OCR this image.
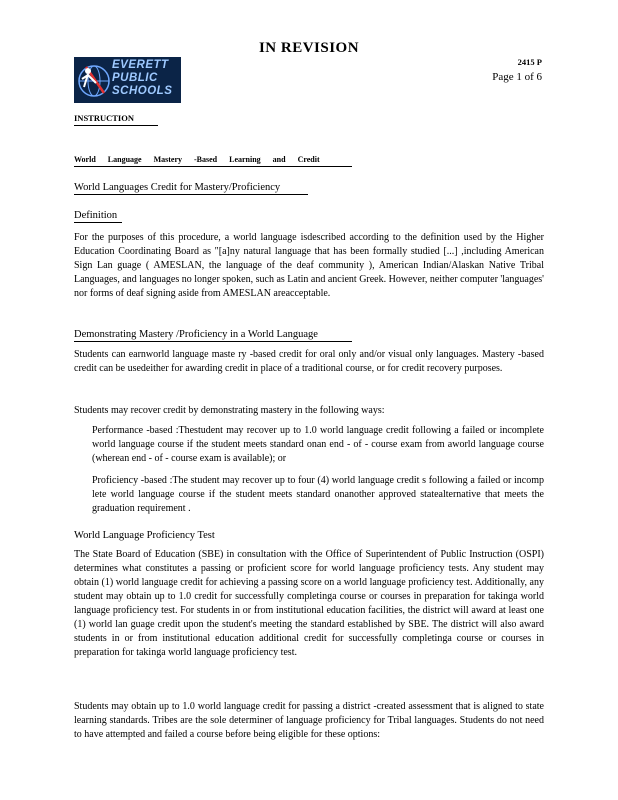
IN REVISION
EVERETT
PUBLIC
SCHOOLS
2415 P
Page 1 of 6
INSTRUCTION
World Language Mastery -Based Learning and Credit
World Languages Credit for Mastery/Proficiency
Definition
For the purposes of this procedure, a world language isdescribed according to the definition used by the Higher Education Coordinating Board as "[a]ny natural language that has been formally studied [...] ,including American Sign Lan guage ( AMESLAN, the language of the deaf community ), American Indian/Alaskan Native Tribal Languages, and languages no longer spoken, such as Latin and ancient Greek. However, neither computer 'languages' nor forms of deaf signing aside from AMESLAN areacceptable.
Demonstrating Mastery /Proficiency in a World Language
Students can earnworld language maste ry -based credit for oral only and/or visual only languages. Mastery -based credit can be usedeither for awarding credit in place of a traditional course, or for credit recovery purposes.
Students may recover credit by demonstrating mastery in the following ways:
Performance -based :Thestudent may recover up to 1.0 world language credit following a failed or incomplete world language course if the student meets standard onan end - of - course exam from aworld language course (wherean end - of - course exam is available); or
Proficiency -based :The student may recover up to four (4) world language credit s following a failed or incomp lete world language course if the student meets standard onanother approved statealternative that meets the graduation requirement .
World Language Proficiency Test
The State Board of Education (SBE) in consultation with the Office of Superintendent of Public Instruction (OSPI) determines what constitutes a passing or proficient score for world language proficiency tests. Any student may obtain (1) world language credit for achieving a passing score on a world language proficiency test. Additionally, any student may obtain up to 1.0 credit for successfully completinga course or courses in preparation for takinga world language proficiency test. For students in or from institutional education facilities, the district will award at least one (1) world lan guage credit upon the student's meeting the standard established by SBE. The district will also award students in or from institutional education additional credit for successfully completinga course or courses in preparation for takinga world language proficiency test.
Students may obtain up to 1.0 world language credit for passing a district -created assessment that is aligned to state learning standards. Tribes are the sole determiner of language proficiency for Tribal languages. Students do not need to have attempted and failed a course before being eligible for these options:
